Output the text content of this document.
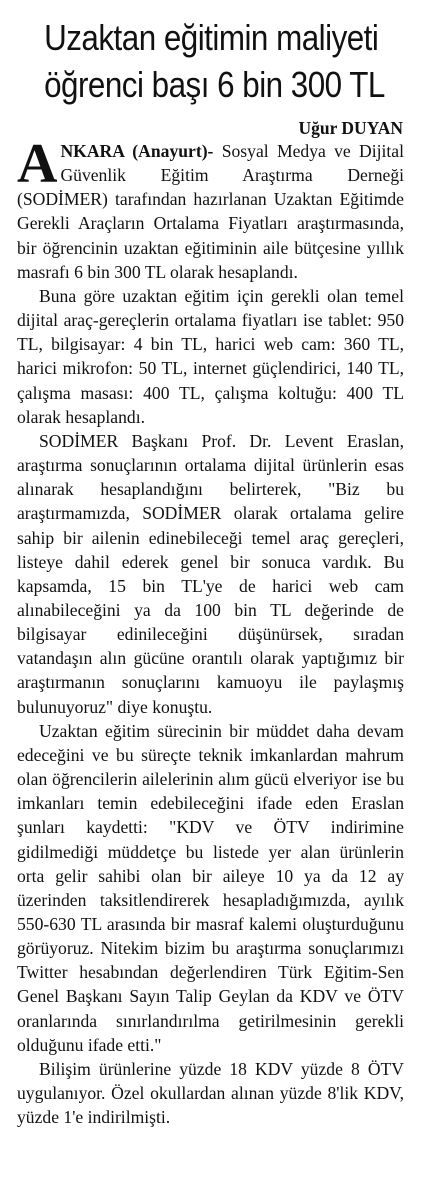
Uzaktan eğitimin maliyeti
öğrenci başı 6 bin 300 TL
Uğur DUYAN

ANKARA (Anayurt)- Sosyal Medya ve Dijital Güvenlik Eğitim Araştırma Derneği (SODİMER) tarafından hazırlanan Uzaktan Eğitimde Gerekli Araçların Ortalama Fiyatları araştırmasında, bir öğrencinin uzaktan eğitiminin aile bütçesine yıllık masrafı 6 bin 300 TL olarak hesaplandı.

Buna göre uzaktan eğitim için gerekli olan temel dijital araç-gereçlerin ortalama fiyatları ise tablet: 950 TL, bilgisayar: 4 bin TL, harici web cam: 360 TL, harici mikrofon: 50 TL, internet güçlendirici, 140 TL, çalışma masası: 400 TL, çalışma koltuğu: 400 TL olarak hesaplandı.

SODİMER Başkanı Prof. Dr. Levent Eraslan, araştırma sonuçlarının ortalama dijital ürünlerin esas alınarak hesaplandığını belirterek, "Biz bu araştırmamızda, SODİMER olarak ortalama gelire sahip bir ailenin edinebileceği temel araç gereçleri, listeye dahil ederek genel bir sonuca vardık. Bu kapsamda, 15 bin TL'ye de harici web cam alınabileceğini ya da 100 bin TL değerinde de bilgisayar edinileceğini düşünürsek, sıradan vatandaşın alın gücüne orantılı olarak yaptığımız bir araştırmanın sonuçlarını kamuoyu ile paylaşmış bulunuyoruz" diye konuştu.

Uzaktan eğitim sürecinin bir müddet daha devam edeceğini ve bu süreçte teknik imkanlardan mahrum olan öğrencilerin ailelerinin alım gücü elveriyor ise bu imkanları temin edebileceğini ifade eden Eraslan şunları kaydetti: "KDV ve ÖTV indirimine gidilmediği müddetçe bu listede yer alan ürünlerin orta gelir sahibi olan bir aileye 10 ya da 12 ay üzerinden taksitlendirerek hesapladığımızda, ayılık 550-630 TL arasında bir masraf kalemi oluşturduğunu görüyoruz. Nitekim bizim bu araştırma sonuçlarımızı Twitter hesabından değerlendiren Türk Eğitim-Sen Genel Başkanı Sayın Talip Geylan da KDV ve ÖTV oranlarında sınırlandırılma getirilmesinin gerekli olduğunu ifade etti."

Bilişim ürünlerine yüzde 18 KDV yüzde 8 ÖTV uygulanıyor. Özel okullardan alınan yüzde 8'lik KDV, yüzde 1'e indirilmişti.
